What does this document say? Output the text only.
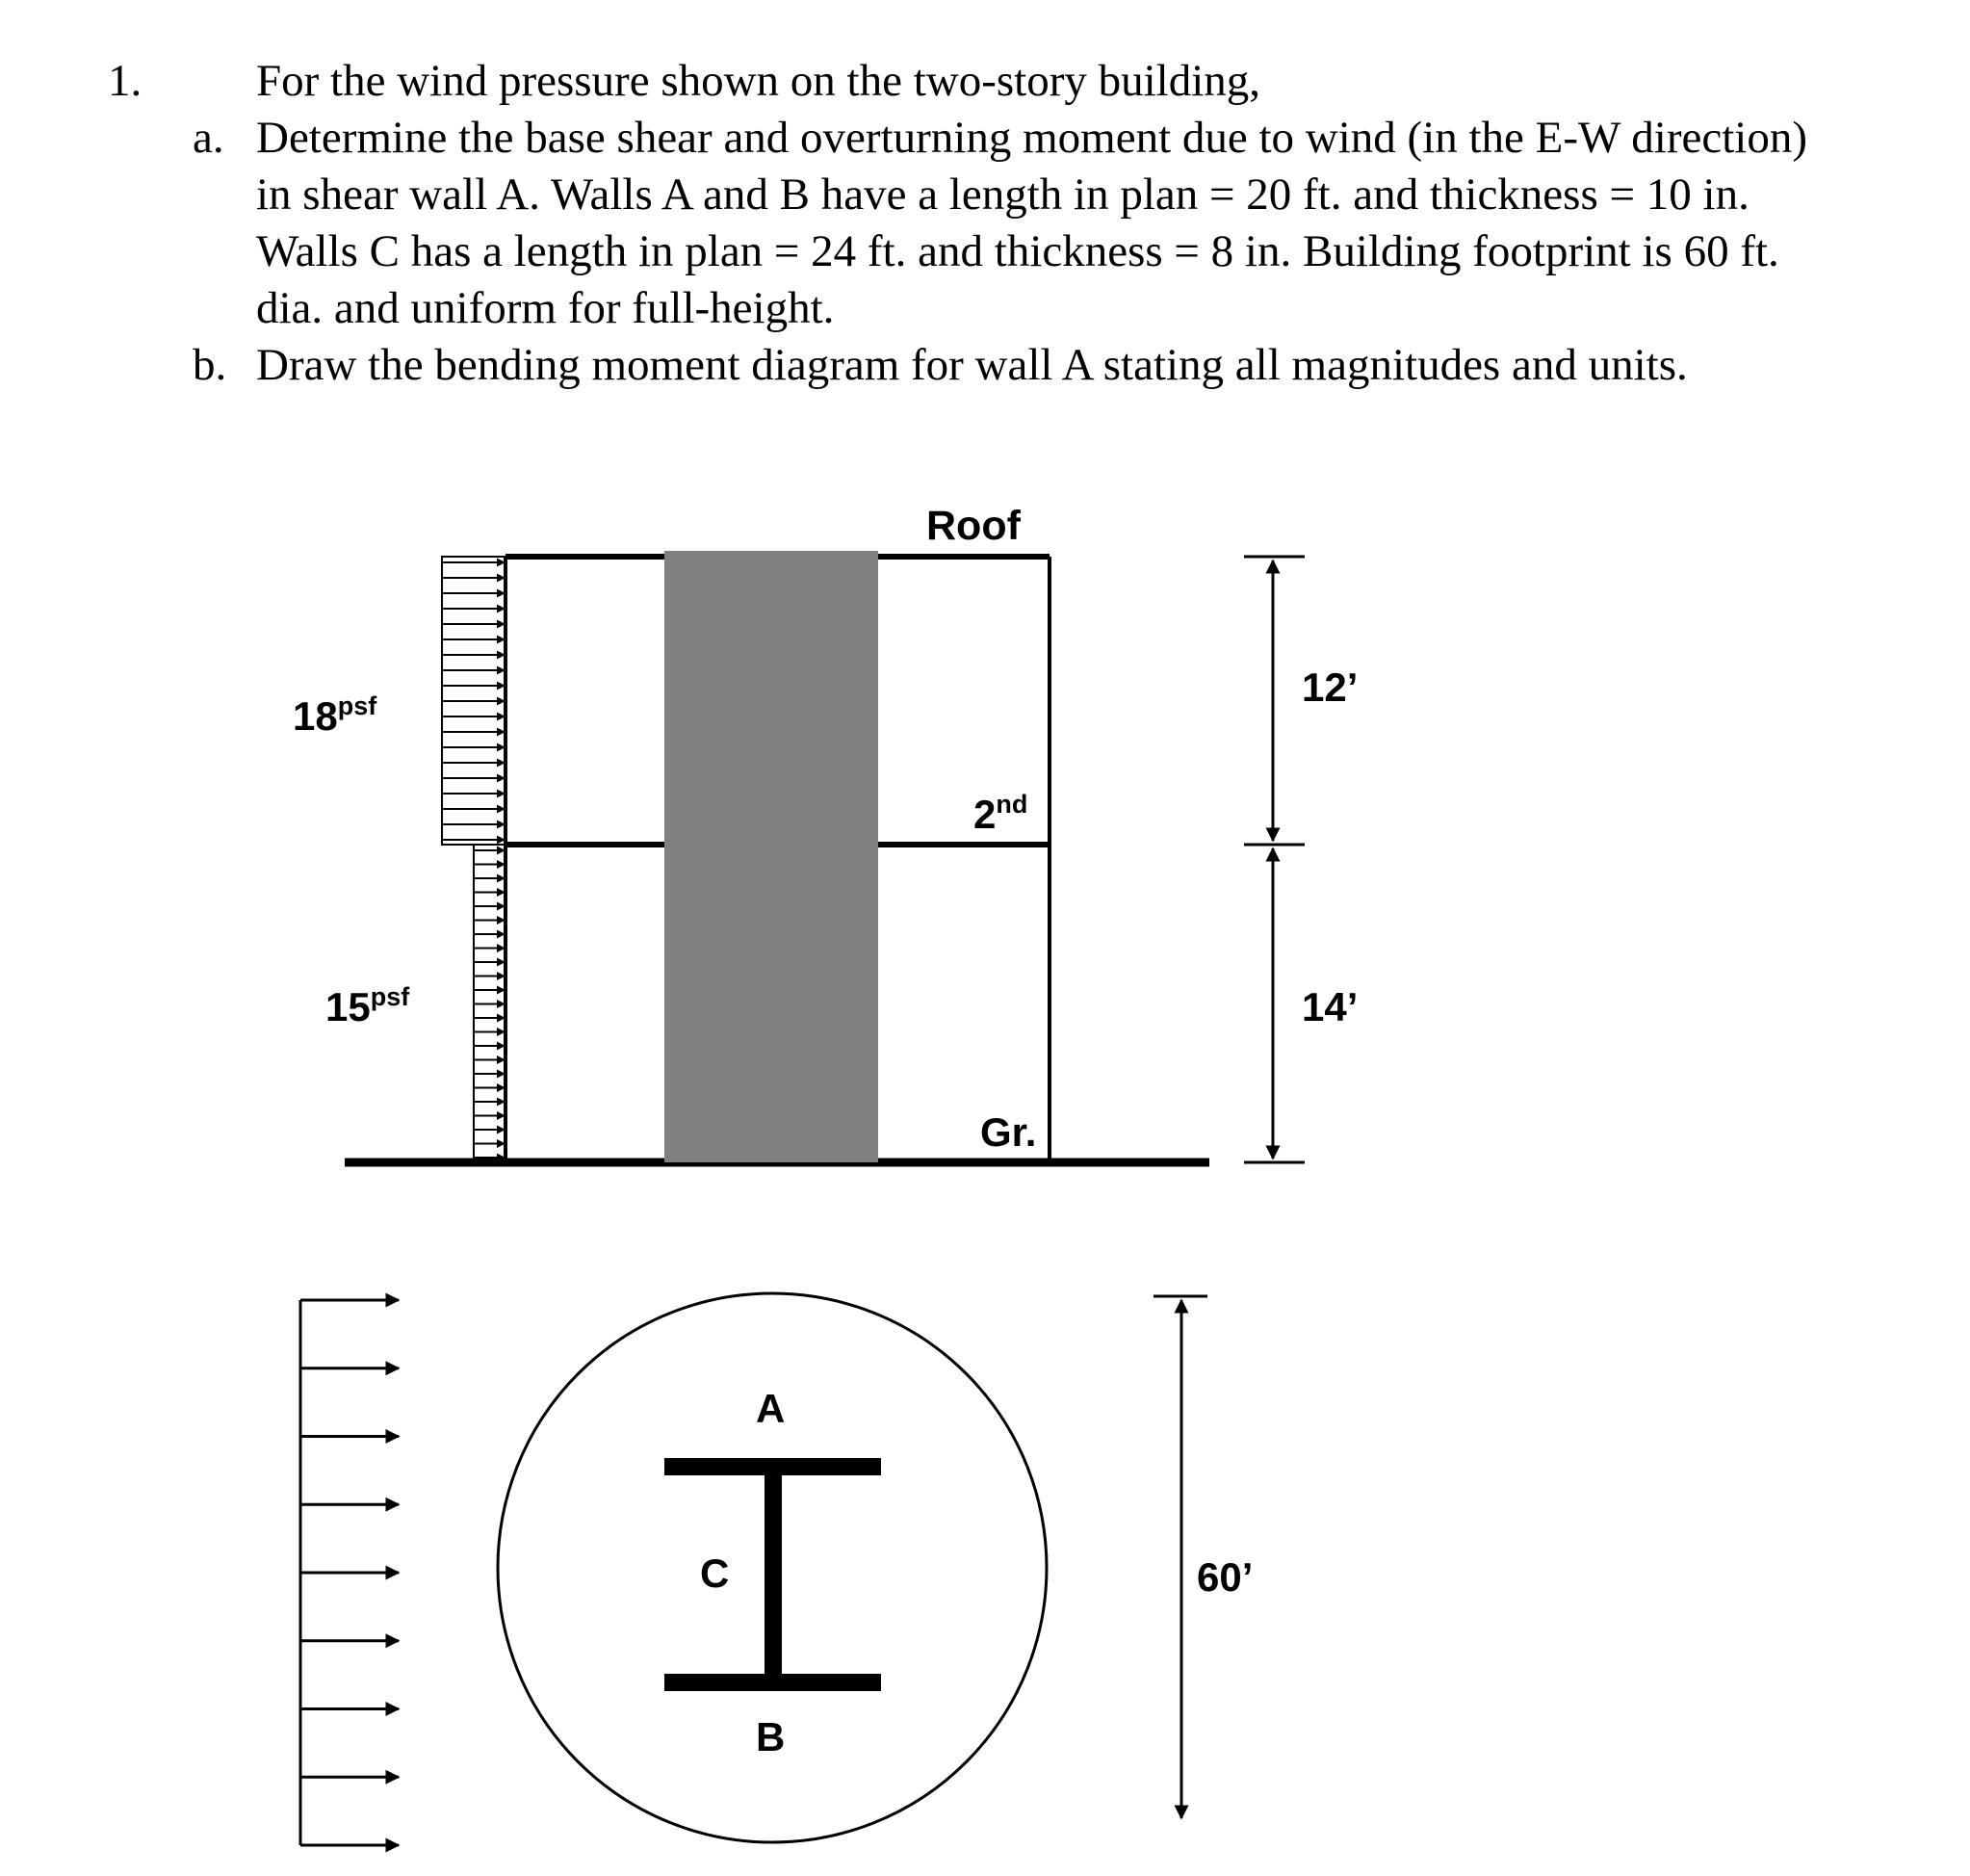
1.	For the wind pressure shown on the two-story building,
a. Determine the base shear and overturning moment due to wind (in the E-W direction) in shear wall A. Walls A and B have a length in plan = 20 ft. and thickness = 10 in. Walls C has a length in plan = 24 ft. and thickness = 8 in. Building footprint is 60 ft. dia. and uniform for full-height.
b. Draw the bending moment diagram for wall A stating all magnitudes and units.
$18^{psf}$
$15^{psf}$
Roof
2nd
Gr.
12’
14’
A
B
C	60’
